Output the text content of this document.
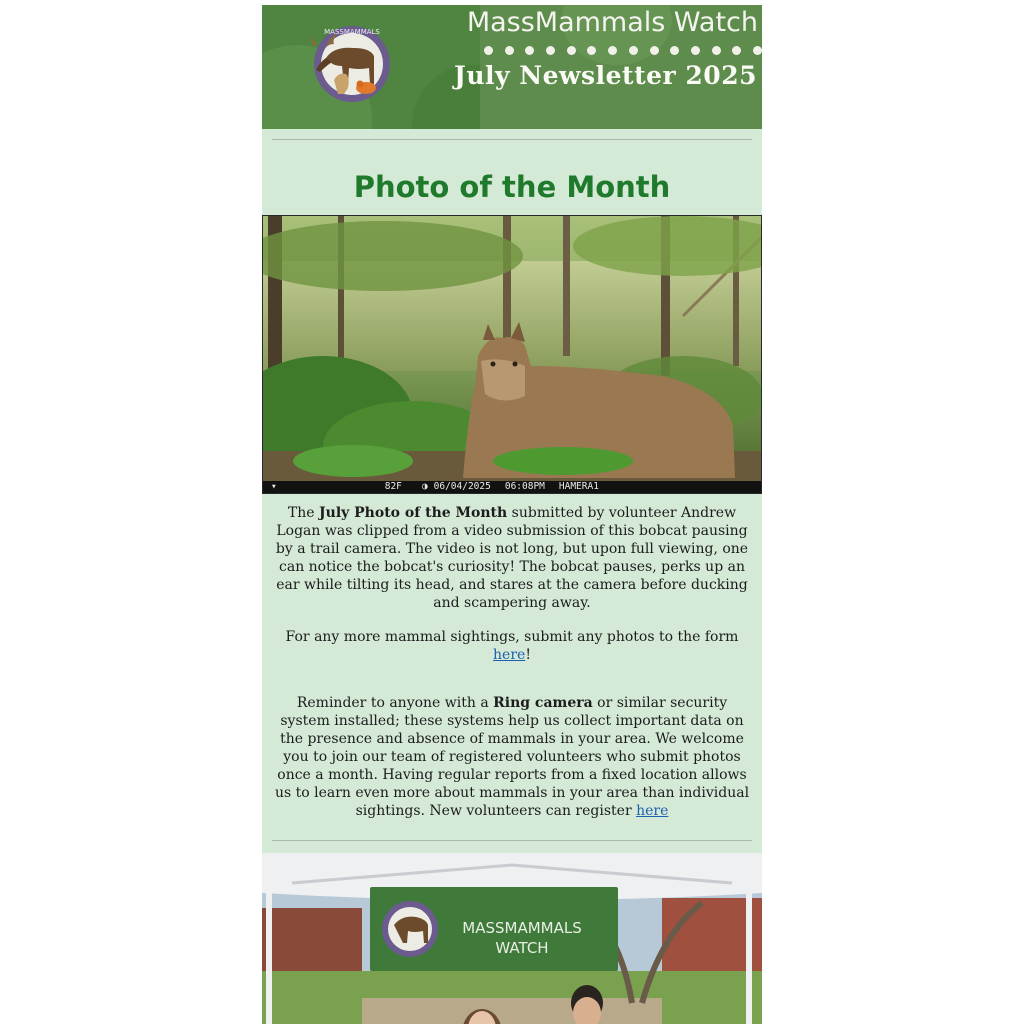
MASSMAMMALS	MassMammals Watch
July Newsletter 2025
Photo of the Month
▾	82F ◑ 06/04/2025 06:08PM HAMERA1

The July Photo of the Month submitted by volunteer Andrew Logan was clipped from a video submission of this bobcat pausing by a trail camera. The video is not long, but upon full viewing, one can notice the bobcat's curiosity! The bobcat pauses, perks up an ear while tilting its head, and stares at the camera before ducking and scampering away.

For any more mammal sightings, submit any photos to the form here!

Reminder to anyone with a Ring camera or similar security system installed; these systems help us collect important data on the presence and absence of mammals in your area. We welcome you to join our team of registered volunteers who submit photos once a month. Having regular reports from a fixed location allows us to learn even more about mammals in your area than individual sightings. New volunteers can register here

MASSMAMMALS
WATCH
